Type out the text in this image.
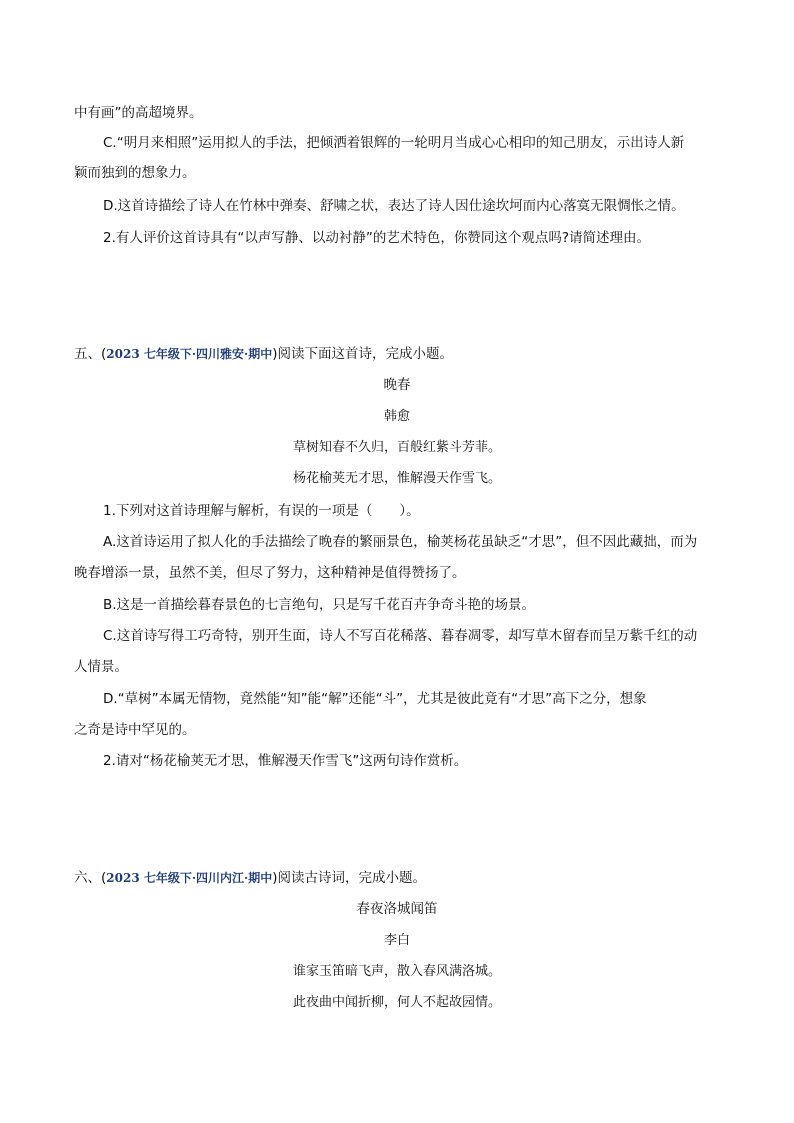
中有画”的高超境界。
C.“明月来相照”运用拟人的手法，把倾洒着银辉的一轮明月当成心心相印的知己朋友，示出诗人新
颖而独到的想象力。
D.这首诗描绘了诗人在竹林中弹奏、舒啸之状，表达了诗人因仕途坎坷而内心落寞无限惆怅之情。
2.有人评价这首诗具有“以声写静、以动衬静”的艺术特色，你赞同这个观点吗?请简述理由。
五、(2023 七年级下·四川雅安·期中)阅读下面这首诗，完成小题。
晚春
韩愈
草树知春不久归，百般红紫斗芳菲。
杨花榆荚无才思，惟解漫天作雪飞。
1.下列对这首诗理解与解析，有误的一项是（　　）。
A.这首诗运用了拟人化的手法描绘了晚春的繁丽景色，榆荚杨花虽缺乏“才思”，但不因此藏拙，而为
晚春增添一景，虽然不美，但尽了努力，这种精神是值得赞扬了。
B.这是一首描绘暮春景色的七言绝句，只是写千花百卉争奇斗艳的场景。
C.这首诗写得工巧奇特，别开生面，诗人不写百花稀落、暮春凋零，却写草木留春而呈万紫千红的动
人情景。
D.“草树”本属无情物，竟然能“知”能“解”还能“斗”，尤其是彼此竟有“才思”高下之分，想象
之奇是诗中罕见的。
2.请对“杨花榆荚无才思，惟解漫天作雪飞”这两句诗作赏析。
六、(2023 七年级下·四川内江·期中)阅读古诗词，完成小题。
春夜洛城闻笛
李白
谁家玉笛暗飞声，散入春风满洛城。
此夜曲中闻折柳，何人不起故园情。
